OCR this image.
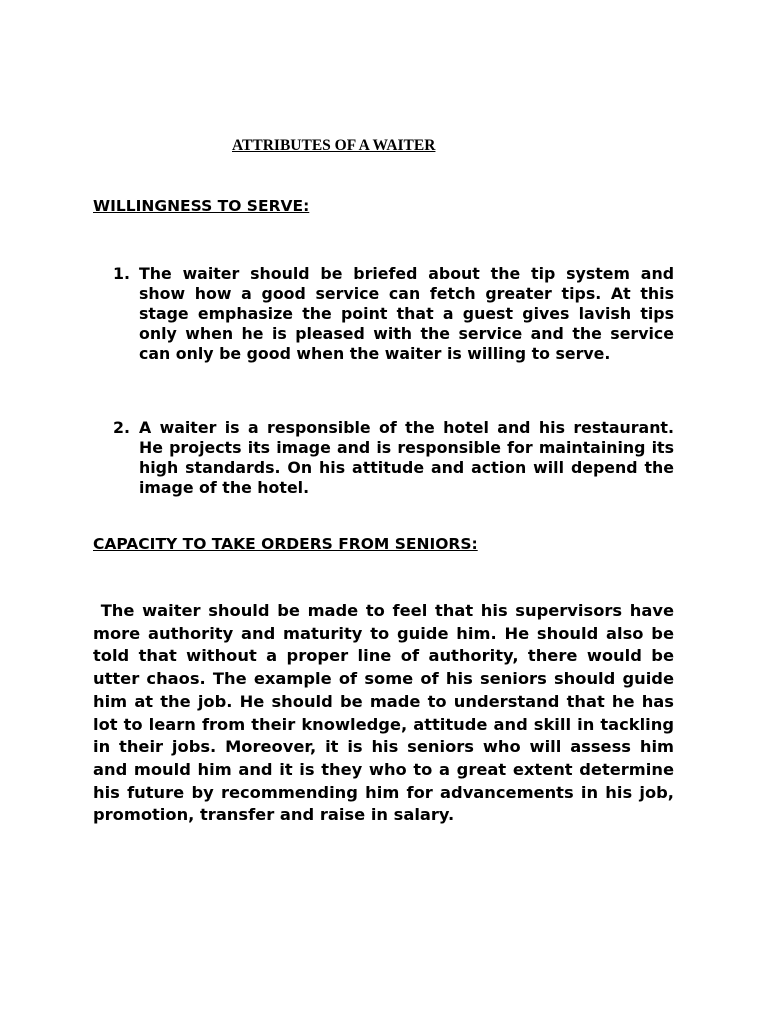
ATTRIBUTES OF A WAITER
WILLINGNESS TO SERVE:
1. The waiter should be briefed about the tip system and show how a good service can fetch greater tips. At this stage emphasize the point that a guest gives lavish tips only when he is pleased with the service and the service can only be good when the waiter is willing to serve.
2. A waiter is a responsible of the hotel and his restaurant. He projects its image and is responsible for maintaining its high standards. On his attitude and action will depend the image of the hotel.
CAPACITY TO TAKE ORDERS FROM SENIORS:

The waiter should be made to feel that his supervisors have more authority and maturity to guide him. He should also be told that without a proper line of authority, there would be utter chaos. The example of some of his seniors should guide him at the job. He should be made to understand that he has lot to learn from their knowledge, attitude and skill in tackling in their jobs. Moreover, it is his seniors who will assess him and mould him and it is they who to a great extent determine his future by recommending him for advancements in his job, promotion, transfer and raise in salary.
